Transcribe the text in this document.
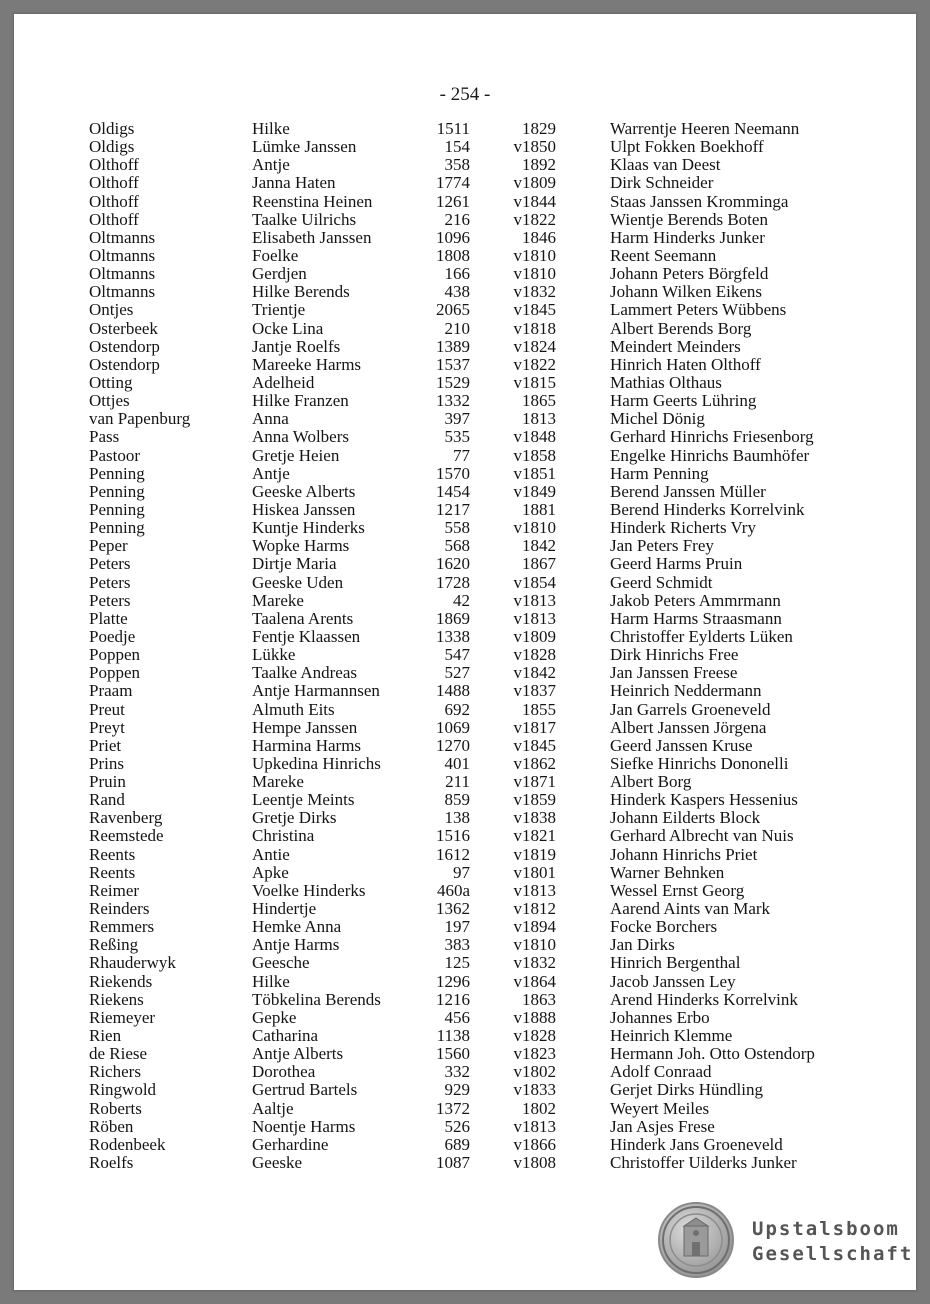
- 254 -
Oldigs	Hilke	1511	1829	Warrentje Heeren Neemann
Oldigs	Lümke Janssen	154	v1850	Ulpt Fokken Boekhoff
Olthoff	Antje	358	1892	Klaas van Deest
Olthoff	Janna Haten	1774	v1809	Dirk Schneider
Olthoff	Reenstina Heinen	1261	v1844	Staas Janssen Kromminga
Olthoff	Taalke Uilrichs	216	v1822	Wientje Berends Boten
Oltmanns	Elisabeth Janssen	1096	1846	Harm Hinderks Junker
Oltmanns	Foelke	1808	v1810	Reent Seemann
Oltmanns	Gerdjen	166	v1810	Johann Peters Börgfeld
Oltmanns	Hilke Berends	438	v1832	Johann Wilken Eikens
Ontjes	Trientje	2065	v1845	Lammert Peters Wübbens
Osterbeek	Ocke Lina	210	v1818	Albert Berends Borg
Ostendorp	Jantje Roelfs	1389	v1824	Meindert Meinders
Ostendorp	Mareeke Harms	1537	v1822	Hinrich Haten Olthoff
Otting	Adelheid	1529	v1815	Mathias Olthaus
Ottjes	Hilke Franzen	1332	1865	Harm Geerts Lühring
van Papenburg	Anna	397	1813	Michel Dönig
Pass	Anna Wolbers	535	v1848	Gerhard Hinrichs Friesenborg
Pastoor	Gretje Heien	77	v1858	Engelke Hinrichs Baumhöfer
Penning	Antje	1570	v1851	Harm Penning
Penning	Geeske Alberts	1454	v1849	Berend Janssen Müller
Penning	Hiskea Janssen	1217	1881	Berend Hinderks Korrelvink
Penning	Kuntje Hinderks	558	v1810	Hinderk Richerts Vry
Peper	Wopke Harms	568	1842	Jan Peters Frey
Peters	Dirtje Maria	1620	1867	Geerd Harms Pruin
Peters	Geeske Uden	1728	v1854	Geerd Schmidt
Peters	Mareke	42	v1813	Jakob Peters Ammrmann
Platte	Taalena Arents	1869	v1813	Harm Harms Straasmann
Poedje	Fentje Klaassen	1338	v1809	Christoffer Eylderts Lüken
Poppen	Lükke	547	v1828	Dirk Hinrichs Free
Poppen	Taalke Andreas	527	v1842	Jan Janssen Freese
Praam	Antje Harmannsen	1488	v1837	Heinrich Neddermann
Preut	Almuth Eits	692	1855	Jan Garrels Groeneveld
Preyt	Hempe Janssen	1069	v1817	Albert Janssen Jörgena
Priet	Harmina Harms	1270	v1845	Geerd Janssen Kruse
Prins	Upkedina Hinrichs	401	v1862	Siefke Hinrichs Dononelli
Pruin	Mareke	211	v1871	Albert Borg
Rand	Leentje Meints	859	v1859	Hinderk Kaspers Hessenius
Ravenberg	Gretje Dirks	138	v1838	Johann Eilderts Block
Reemstede	Christina	1516	v1821	Gerhard Albrecht van Nuis
Reents	Antie	1612	v1819	Johann Hinrichs Priet
Reents	Apke	97	v1801	Warner Behnken
Reimer	Voelke Hinderks	460a	v1813	Wessel Ernst Georg
Reinders	Hindertje	1362	v1812	Aarend Aints van Mark
Remmers	Hemke Anna	197	v1894	Focke Borchers
Reßing	Antje Harms	383	v1810	Jan Dirks
Rhauderwyk	Geesche	125	v1832	Hinrich Bergenthal
Riekends	Hilke	1296	v1864	Jacob Janssen Ley
Riekens	Töbkelina Berends	1216	1863	Arend Hinderks Korrelvink
Riemeyer	Gepke	456	v1888	Johannes Erbo
Rien	Catharina	1138	v1828	Heinrich Klemme
de Riese	Antje Alberts	1560	v1823	Hermann Joh. Otto Ostendorp
Richers	Dorothea	332	v1802	Adolf Conraad
Ringwold	Gertrud Bartels	929	v1833	Gerjet Dirks Hündling
Roberts	Aaltje	1372	1802	Weyert Meiles
Röben	Noentje Harms	526	v1813	Jan Asjes Frese
Rodenbeek	Gerhardine	689	v1866	Hinderk Jans Groeneveld
Roelfs	Geeske	1087	v1808	Christoffer Uilderks Junker
Upstalsboom
Gesellschaft
